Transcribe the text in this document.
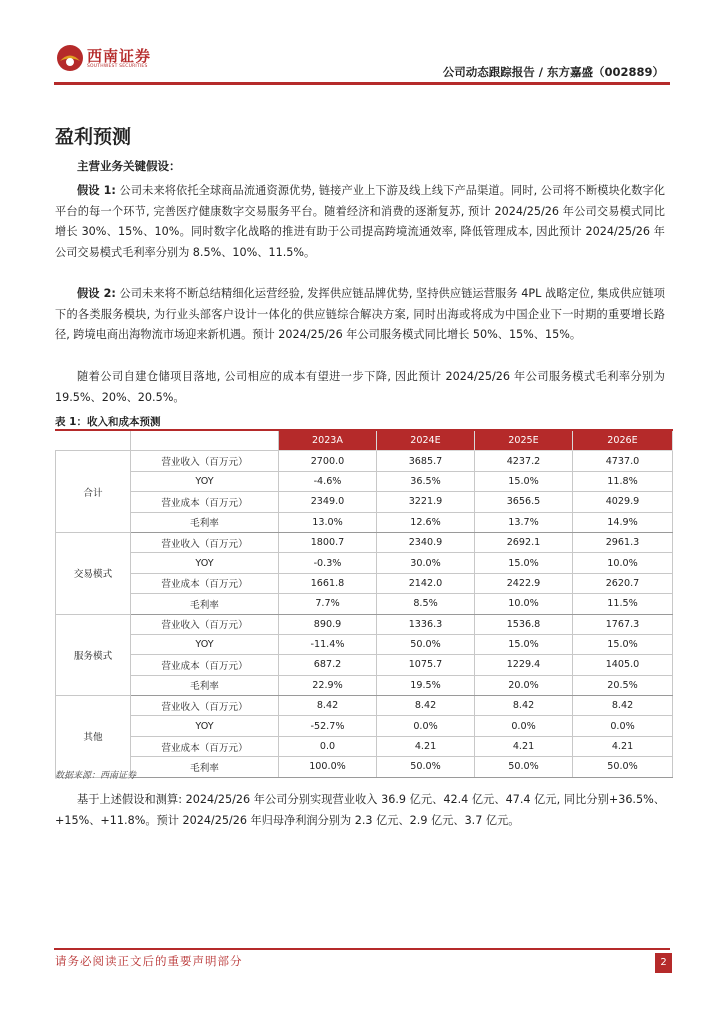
西南证券
SOUTHWEST SECURITIES	公司动态跟踪报告 / 东方嘉盛（002889）
盈利预测
主营业务关键假设：
假设 1: 公司未来将依托全球商品流通资源优势, 链接产业上下游及线上线下产品渠道。同时, 公司将不断模块化数字化平台的每一个环节, 完善医疗健康数字交易服务平台。随着经济和消费的逐渐复苏, 预计 2024/25/26 年公司交易模式同比增长 30%、15%、10%。同时数字化战略的推进有助于公司提高跨境流通效率, 降低管理成本, 因此预计 2024/25/26 年公司交易模式毛利率分别为 8.5%、10%、11.5%。
假设 2: 公司未来将不断总结精细化运营经验, 发挥供应链品牌优势, 坚持供应链运营服务 4PL 战略定位, 集成供应链项下的各类服务模块, 为行业头部客户设计一体化的供应链综合解决方案, 同时出海或将成为中国企业下一时期的重要增长路径, 跨境电商出海物流市场迎来新机遇。预计 2024/25/26 年公司服务模式同比增长 50%、15%、15%。
随着公司自建仓储项目落地, 公司相应的成本有望进一步下降, 因此预计 2024/25/26 年公司服务模式毛利率分别为 19.5%、20%、20.5%。
表 1：收入和成本预测
		2023A	2024E	2025E	2026E
合计	营业收入（百万元）	2700.0	3685.7	4237.2	4737.0
	YOY	-4.6%	36.5%	15.0%	11.8%
	营业成本（百万元）	2349.0	3221.9	3656.5	4029.9
	毛利率	13.0%	12.6%	13.7%	14.9%
交易模式	营业收入（百万元）	1800.7	2340.9	2692.1	2961.3
	YOY	-0.3%	30.0%	15.0%	10.0%
	营业成本（百万元）	1661.8	2142.0	2422.9	2620.7
	毛利率	7.7%	8.5%	10.0%	11.5%
服务模式	营业收入（百万元）	890.9	1336.3	1536.8	1767.3
	YOY	-11.4%	50.0%	15.0%	15.0%
	营业成本（百万元）	687.2	1075.7	1229.4	1405.0
	毛利率	22.9%	19.5%	20.0%	20.5%
其他	营业收入（百万元）	8.42	8.42	8.42	8.42
	YOY	-52.7%	0.0%	0.0%	0.0%
	营业成本（百万元）	0.0	4.21	4.21	4.21
	毛利率	100.0%	50.0%	50.0%	50.0%
数据来源：西南证券
基于上述假设和测算: 2024/25/26 年公司分别实现营业收入 36.9 亿元、42.4 亿元、47.4 亿元, 同比分别+36.5%、+15%、+11.8%。预计 2024/25/26 年归母净利润分别为 2.3 亿元、2.9 亿元、3.7 亿元。
请务必阅读正文后的重要声明部分	2
